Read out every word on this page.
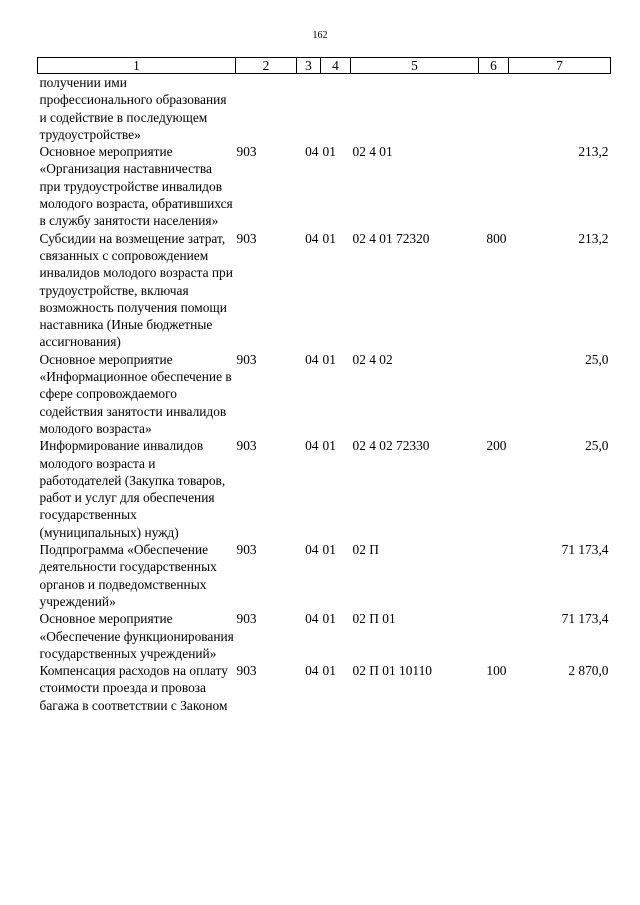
162
1	2	3	4	5	6	7
получении ими профессионального образования и содействие в последующем трудоустройстве»						
Основное мероприятие «Организация наставничества при трудоустройстве инвалидов молодого возраста, обратившихся в службу занятости населения»	903	04	01	02 4 01		213,2
Субсидии на возмещение затрат, связанных с сопровождением инвалидов молодого возраста при трудоустройстве, включая возможность получения помощи наставника (Иные бюджетные ассигнования)	903	04	01	02 4 01 72320	800	213,2
Основное мероприятие «Информационное обеспечение в сфере сопровождаемого содействия занятости инвалидов молодого возраста»	903	04	01	02 4 02		25,0
Информирование инвалидов молодого возраста и работодателей (Закупка товаров, работ и услуг для обеспечения государственных (муниципальных) нужд)	903	04	01	02 4 02 72330	200	25,0
Подпрограмма «Обеспечение деятельности государственных органов и подведомственных учреждений»	903	04	01	02 П		71 173,4
Основное мероприятие «Обеспечение функционирования государственных учреждений»	903	04	01	02 П 01		71 173,4
Компенсация расходов на оплату стоимости проезда и провоза багажа в соответствии с Законом	903	04	01	02 П 01 10110	100	2 870,0
